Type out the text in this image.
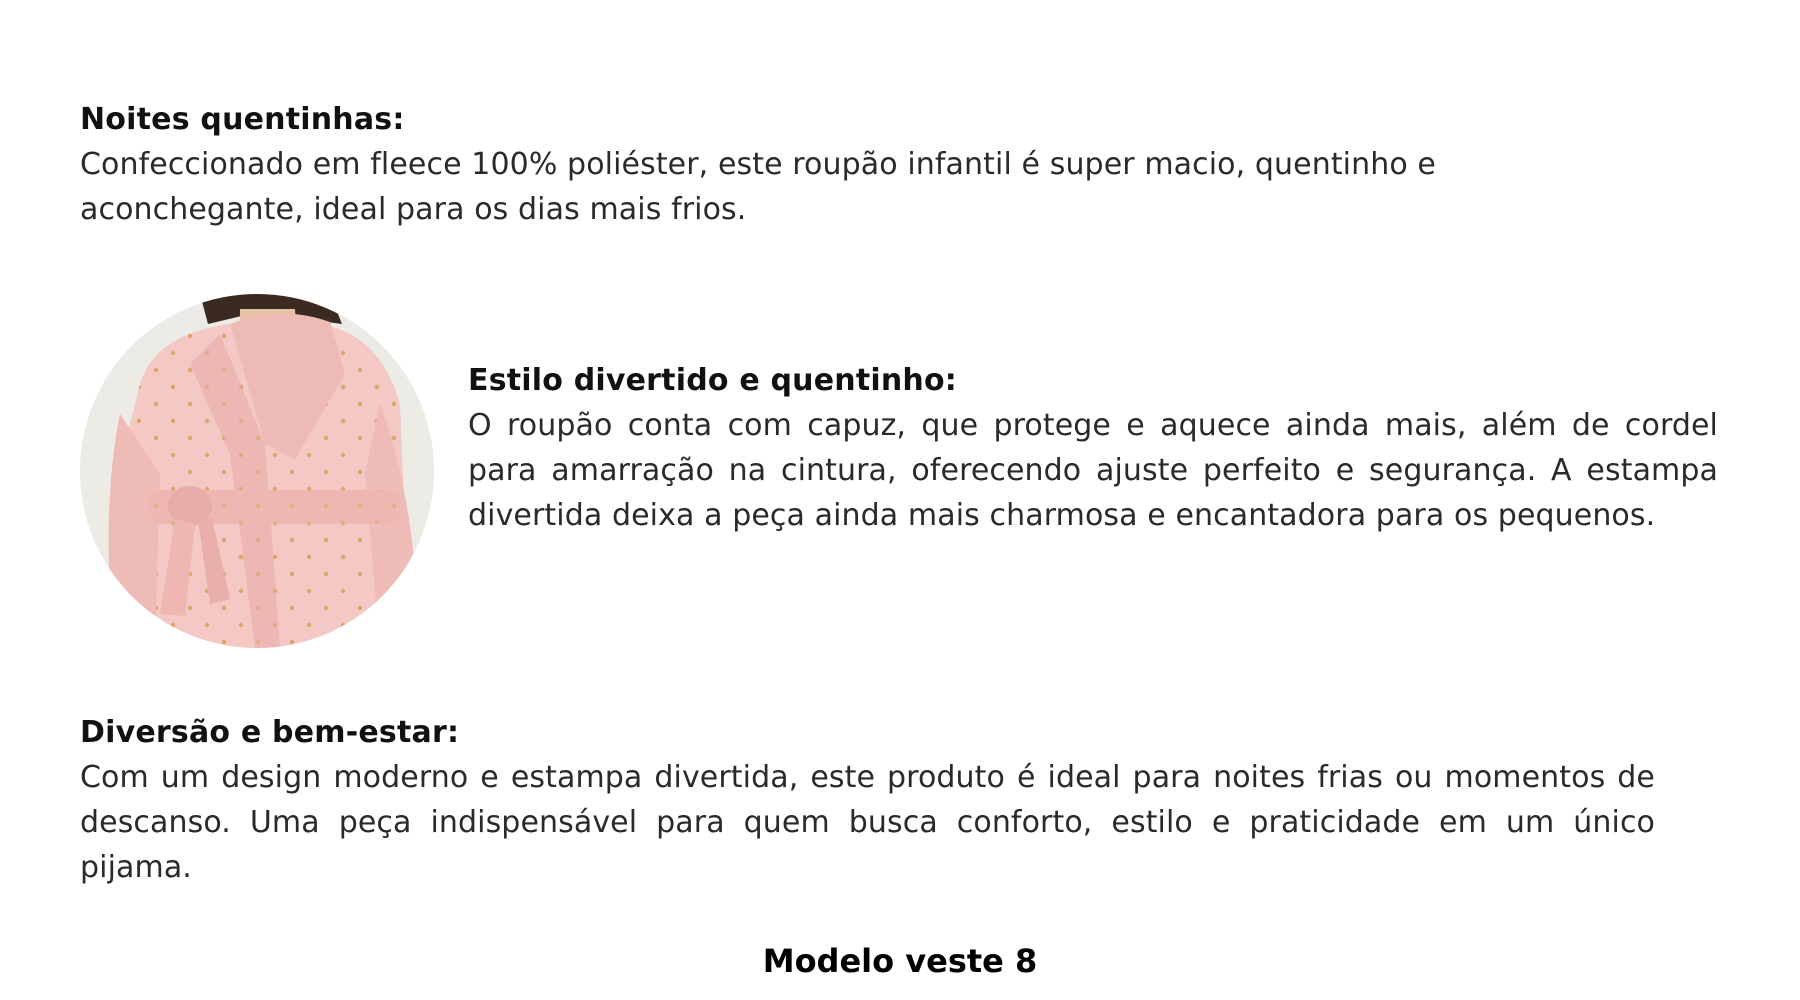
Noites quentinhas:

Confeccionado em fleece 100% poliéster, este roupão infantil é super macio, quentinho e aconchegante, ideal para os dias mais frios.

Estilo divertido e quentinho:

O roupão conta com capuz, que protege e aquece ainda mais, além de cordel para amarração na cintura, oferecendo ajuste perfeito e segurança. A estampa divertida deixa a peça ainda mais charmosa e encantadora para os pequenos.

Diversão e bem-estar:

Com um design moderno e estampa divertida, este produto é ideal para noites frias ou momentos de descanso. Uma peça indispensável para quem busca conforto, estilo e praticidade em um único pijama.

Modelo veste 8
